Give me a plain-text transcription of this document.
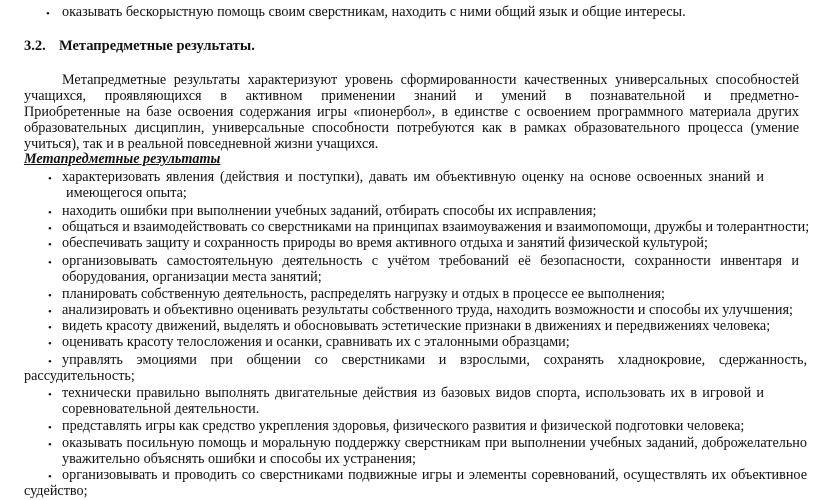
• оказывать бескорыстную помощь своим сверстникам, находить с ними общий язык и общие интересы.
3.2. Метапредметные результаты.
Метапредметные результаты характеризуют уровень сформированности качественных универсальных способностей
учащихся, проявляющихся в активном применении знаний и умений в познавательной и предметно-
Приобретенные на базе освоения содержания игры «пионербол», в единстве с освоением программного материала других
образовательных дисциплин, универсальные способности потребуются как в рамках образовательного процесса (умение
учиться), так и в реальной повседневной жизни учащихся.
Метапредметные результаты
• характеризовать явления (действия и поступки), давать им объективную оценку на основе освоенных знаний и
имеющегося опыта;
• находить ошибки при выполнении учебных заданий, отбирать способы их исправления;
• общаться и взаимодействовать со сверстниками на принципах взаимоуважения и взаимопомощи, дружбы и толерантности;
• обеспечивать защиту и сохранность природы во время активного отдыха и занятий физической культурой;
• организовывать самостоятельную деятельность с учётом требований её безопасности, сохранности инвентаря и
оборудования, организации места занятий;
• планировать собственную деятельность, распределять нагрузку и отдых в процессе ее выполнения;
• анализировать и объективно оценивать результаты собственного труда, находить возможности и способы их улучшения;
• видеть красоту движений, выделять и обосновывать эстетические признаки в движениях и передвижениях человека;
• оценивать красоту телосложения и осанки, сравнивать их с эталонными образцами;
• управлять эмоциями при общении со сверстниками и взрослыми, сохранять хладнокровие, сдержанность,
рассудительность;
• технически правильно выполнять двигательные действия из базовых видов спорта, использовать их в игровой и
соревновательной деятельности.
• представлять игры как средство укрепления здоровья, физического развития и физической подготовки человека;
• оказывать посильную помощь и моральную поддержку сверстникам при выполнении учебных заданий, доброжелательно
уважительно объяснять ошибки и способы их устранения;
• организовывать и проводить со сверстниками подвижные игры и элементы соревнований, осуществлять их объективное
судейство;
